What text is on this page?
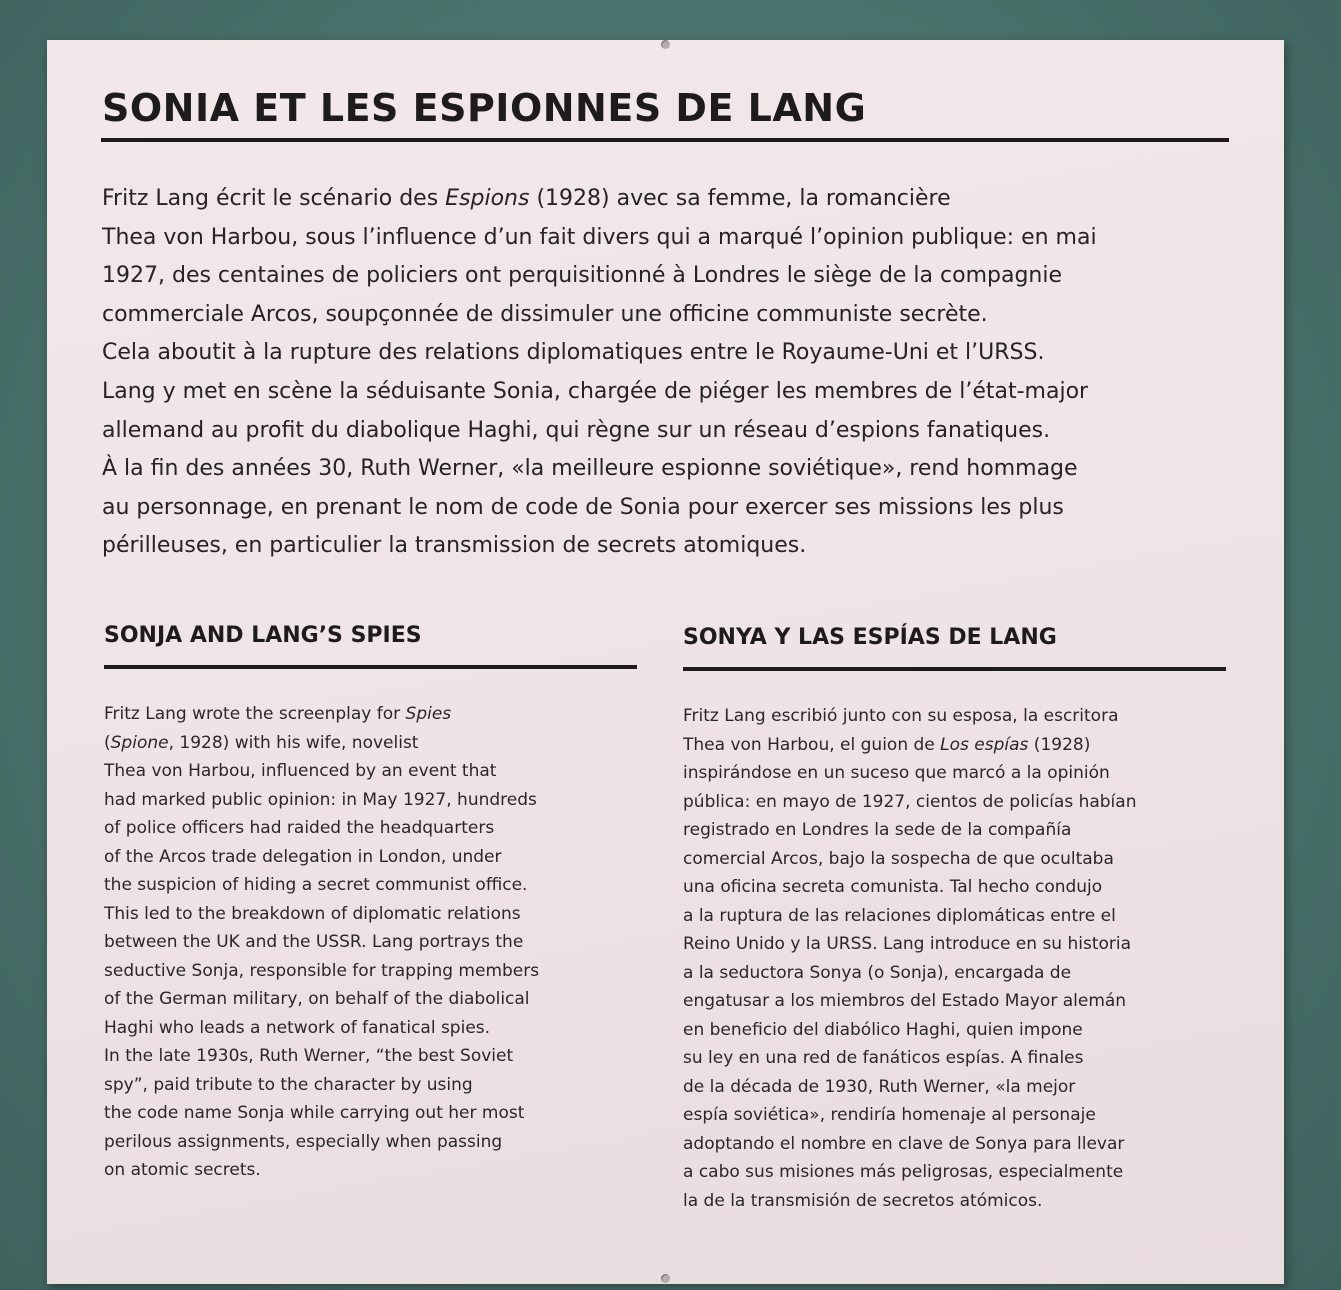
SONIA ET LES ESPIONNES DE LANG

Fritz Lang écrit le scénario des Espions (1928) avec sa femme, la romancière

Thea von Harbou, sous l’influence d’un fait divers qui a marqué l’opinion publique: en mai

1927, des centaines de policiers ont perquisitionné à Londres le siège de la compagnie

commerciale Arcos, soupçonnée de dissimuler une officine communiste secrète.

Cela aboutit à la rupture des relations diplomatiques entre le Royaume-Uni et l’URSS.

Lang y met en scène la séduisante Sonia, chargée de piéger les membres de l’état-major

allemand au profit du diabolique Haghi, qui règne sur un réseau d’espions fanatiques.

À la fin des années 30, Ruth Werner, «la meilleure espionne soviétique», rend hommage

au personnage, en prenant le nom de code de Sonia pour exercer ses missions les plus

périlleuses, en particulier la transmission de secrets atomiques.

SONJA AND LANG’S SPIES

Fritz Lang wrote the screenplay for Spies

(Spione, 1928) with his wife, novelist

Thea von Harbou, influenced by an event that

had marked public opinion: in May 1927, hundreds

of police officers had raided the headquarters

of the Arcos trade delegation in London, under

the suspicion of hiding a secret communist office.

This led to the breakdown of diplomatic relations

between the UK and the USSR. Lang portrays the

seductive Sonja, responsible for trapping members

of the German military, on behalf of the diabolical

Haghi who leads a network of fanatical spies.

In the late 1930s, Ruth Werner, “the best Soviet

spy”, paid tribute to the character by using

the code name Sonja while carrying out her most

perilous assignments, especially when passing

on atomic secrets.

SONYA Y LAS ESPÍAS DE LANG

Fritz Lang escribió junto con su esposa, la escritora

Thea von Harbou, el guion de Los espías (1928)

inspirándose en un suceso que marcó a la opinión

pública: en mayo de 1927, cientos de policías habían

registrado en Londres la sede de la compañía

comercial Arcos, bajo la sospecha de que ocultaba

una oficina secreta comunista. Tal hecho condujo

a la ruptura de las relaciones diplomáticas entre el

Reino Unido y la URSS. Lang introduce en su historia

a la seductora Sonya (o Sonja), encargada de

engatusar a los miembros del Estado Mayor alemán

en beneficio del diabólico Haghi, quien impone

su ley en una red de fanáticos espías. A finales

de la década de 1930, Ruth Werner, «la mejor

espía soviética», rendiría homenaje al personaje

adoptando el nombre en clave de Sonya para llevar

a cabo sus misiones más peligrosas, especialmente

la de la transmisión de secretos atómicos.
